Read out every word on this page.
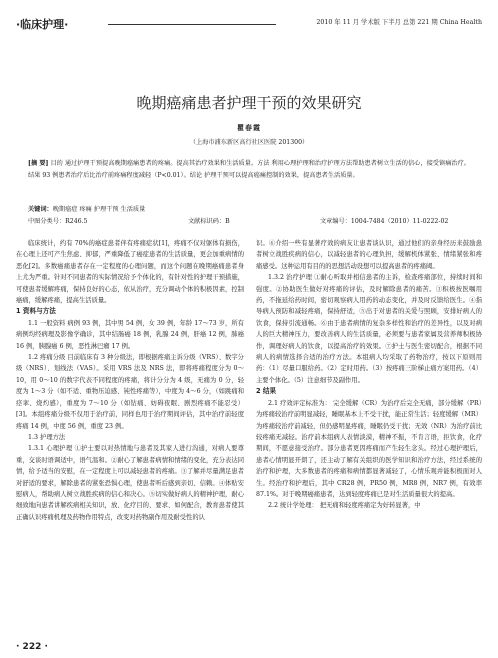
·临床护理·	2010 年 11 月 学术版 下半月 总第 221 期 China Health
晚期癌痛患者护理干预的效果研究
瞿春霞
（上海市浦东新区高行社区医院 201300）
[摘 要] 目的 通过护理干预提高晚期癌痛患者的疼痛。提高其治疗效果和生活质量。方法 利用心理护理和治疗护理方法帮助患者树立生活的信心，接受镇痛治疗。结果 93 例患者治疗后比治疗前疼痛程度减轻（P<0.01）。结论 护理干预可以提高癌痛控制的效果，提高患者生活质量。
关键词：晚期癌症 疼痛 护理干预 生活质量
中图分类号：R246.5	文献标识码：B	文章编号：1004-7484（2010）11-0222-02

临床统计，约有 70%的癌症患者伴有疼痛症状[1]，疼痛不仅对躯体有损伤，在心理上还可产生焦虑、抑郁，严重降低了癌症患者的生活质量，更会加重病情的恶化[2]。多数癌痛患者存在一定程度的心理问题，而这个问题在晚期癌痛患者身上尤为严重。针对不同患者的实际情况给予个体化的，有针对性的护理干预措施，可使患者缓解疼痛，保持良好的心态，依从治疗，充分调动个体的积极因素，控制癌痛，缓解疼痛，提高生活质量。

1 资料与方法

1.1 一般资料 病例 93 例，其中男 54 例，女 39 例，年龄 17～73 岁，所有病例均经病理及影像学确诊，其中结肠癌 18 例，乳腺 24 例，肝癌 12 例，肺癌 16 例，胰腺癌 6 例，恶性淋巴瘤 17 例。

1.2 疼痛分级 目前临床有 3 种分级法，即根据疼痛主诉分级（VRS）、数字分级（NRS）、划线法（VAS）。采用 VRS 法及 NRS 法，即将疼痛程度分为 0～10，用 0～10 的数字代表不同程度的疼痛，将计分分为 4 级，无痛为 0 分，轻度为 1～3 分（如不适、重物压迫感、钝性疼痛等），中度为 4～6 分，（如跳痛和痉挛、烧灼感），重度为 7～10 分（如钻痛、妨碍夜眠、剧烈疼痛不能忍受）[3]。本组疼痛分级不仅用于治疗前，同样也用于治疗期间评估，其中治疗前轻度疼痛 14 例，中度 56 例，重度 23 例。

1.3 护理方法

1.3.1 心理护理 ①护士要以对热情地与患者及其家人进行沟通，对病人要尊重，交谈时语调适中，语气温和。②耐心了解患者病情和情绪的变化，充分表达同情，给予适当的安慰，在一定程度上可以减轻患者的疼痛。③了解并尽量满足患者对舒适的要求，解除患者的紧张恐惧心理，使患者听后感到亲切、信赖。④体贴安慰病人，帮助病人树立战胜疾病的信心和决心。⑤切实做好病人的精神护理，耐心细致地向患者讲解疾病相关知识，放、化疗目的、要求、如何配合，教育患者使其正确认识疼痛机理及药物作用特点，改变对药物副作用及耐受性的认

识。⑥介绍一些有显著疗效的病友让患者谈认识，通过他们的亲身经历来鼓励患者树立战胜疾病的信心，以减轻患者的心理负担，缓解机体紧张、情绪紧张和疼痛感受。这种运用有目的的思想活动设想可以提高患者的疼痛阈。

1.3.2 治疗护理 ①耐心听取并相信患者的主诉，检查疼痛部位，持续时间和强度。②协助医生做好对疼痛的评估，及时解除患者的痛苦。③积极按医嘱用药，不拖延给药时间，密切观察病人用药的动态变化，并及时反馈给医生。④指导病人预防和减轻疼痛，保持舒适，⑤出于对患者的关爱与照顾，安排好病人的饮食，保持引流通畅。⑥由于患者病情的复杂多样性和治疗的差异性，以及对病人的巨大精神压力，要改善病人的生活质量，必须要与患者家属及营养师积极协作，调理好病人的饮食，以提高治疗的效果。⑦护士与医生密切配合，根据不同病人的病情选择合适的治疗方法。本组病人均采取了药物治疗，按以下原则用药：（1）尽量口服给药。（2）定时用药。（3）按疼痛三阶梯止痛方案用药。（4）主要个体化。（5）注意细节及副作用。

2 结果

2.1 疗效评定标准为： 完全缓解（CR）为治疗后完全无痛，部分缓解（PR）为疼痛较治疗前明显减轻，睡眠基本上不受干扰，能正常生活；轻度缓解（MR）为疼痛较治疗前减轻，但仍感明显疼痛，睡眠仍受干扰；无效（NR）为治疗前比较疼痛无减轻。治疗前本组病人表情淡漠，精神不振，不肯言语，拒饮食，化疗期间，不愿意接受治疗。部分患者更因疼痛而产生轻生念头。经过心理护理后，患者心情明显开朗了，还主动了解有关组织的医学知识和治疗方法，经过系统的治疗和护理，大多数患者的疼痛和病情都显著减轻了，心情乐观并能积极面对人生。经治疗和护理后，其中 CR28 例，PR50 例，MR8 例，NR7 例，有效率 87.1%。对于晚期癌痛患者，达到轻度疼痛已是对生活质量很大的提高。

2.2 统计学处理： 把无痛和轻度疼痛定为好转显著，中

· 222 ·
